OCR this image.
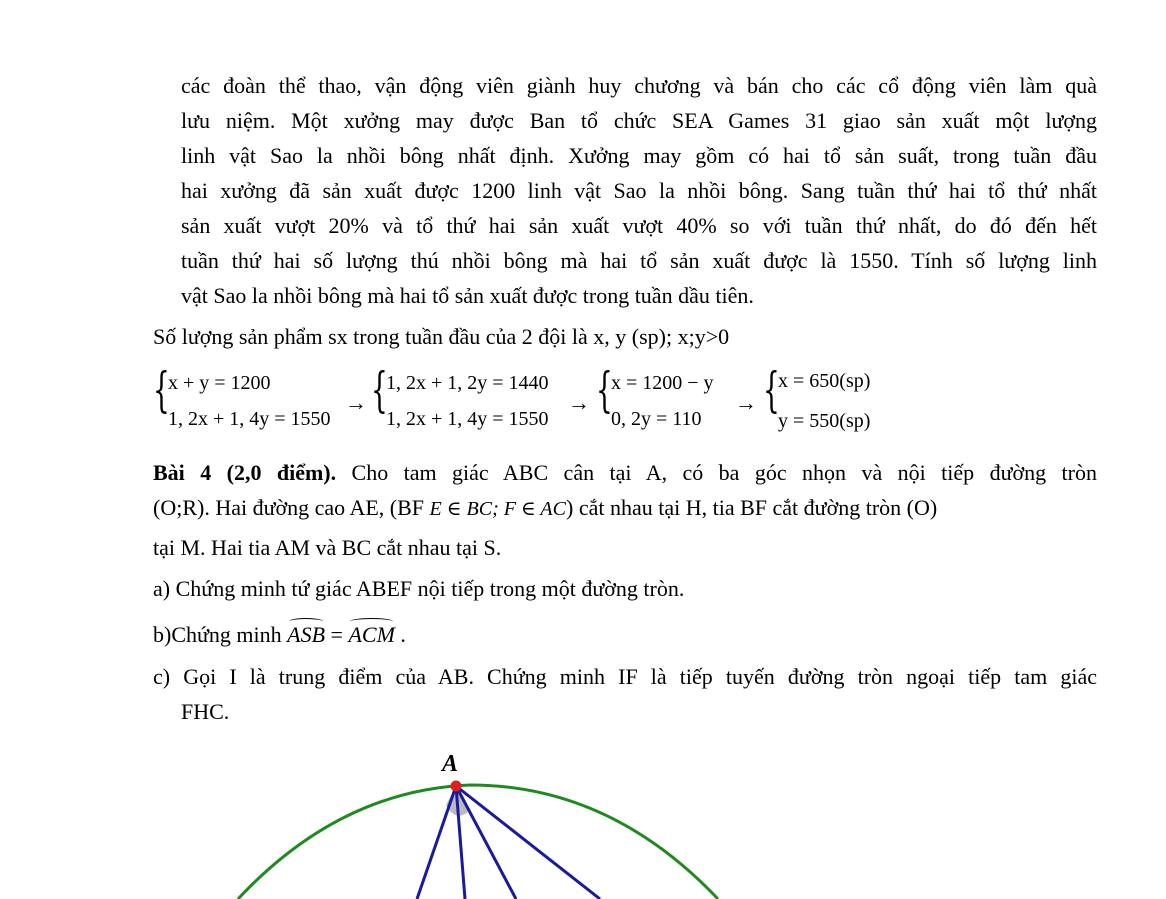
các đoàn thể thao, vận động viên giành huy chương và bán cho các cổ động viên làm quà
lưu niệm. Một xưởng may được Ban tổ chức SEA Games 31 giao sản xuất một lượng
linh vật Sao la nhồi bông nhất định. Xưởng may gồm có hai tổ sản suất, trong tuần đầu
hai xưởng đã sản xuất được 1200 linh vật Sao la nhồi bông. Sang tuần thứ hai tổ thứ nhất
sản xuất vượt 20% và tổ thứ hai sản xuất vượt 40% so với tuần thứ nhất, do đó đến hết
tuần thứ hai số lượng thú nhồi bông mà hai tổ sản xuất được là 1550. Tính số lượng linh
vật Sao la nhồi bông mà hai tổ sản xuất được trong tuần dầu tiên.
Số lượng sản phẩm sx trong tuần đầu của 2 đội là x, y (sp); x;y>0
{
x + y = 1200
1, 2x + 1, 4y = 1550
→ {
1, 2x + 1, 2y = 1440
1, 2x + 1, 4y = 1550
→ {
x = 1200 − y
0, 2y = 110
→ {
x = 650(sp)
y = 550(sp)
Bài 4 (2,0 điểm). Cho tam giác ABC cân tại A, có ba góc nhọn và nội tiếp đường tròn
(O;R). Hai đường cao AE, (BF E ∈ BC; F ∈ AC) cắt nhau tại H, tia BF cắt đường tròn (O)
tại M. Hai tia AM và BC cắt nhau tại S.
a) Chứng minh tứ giác ABEF nội tiếp trong một đường tròn.
b)Chứng minh ASB = ACM .
c) Gọi I là trung điểm của AB. Chứng minh IF là tiếp tuyến đường tròn ngoại tiếp tam giác
FHC.
A
